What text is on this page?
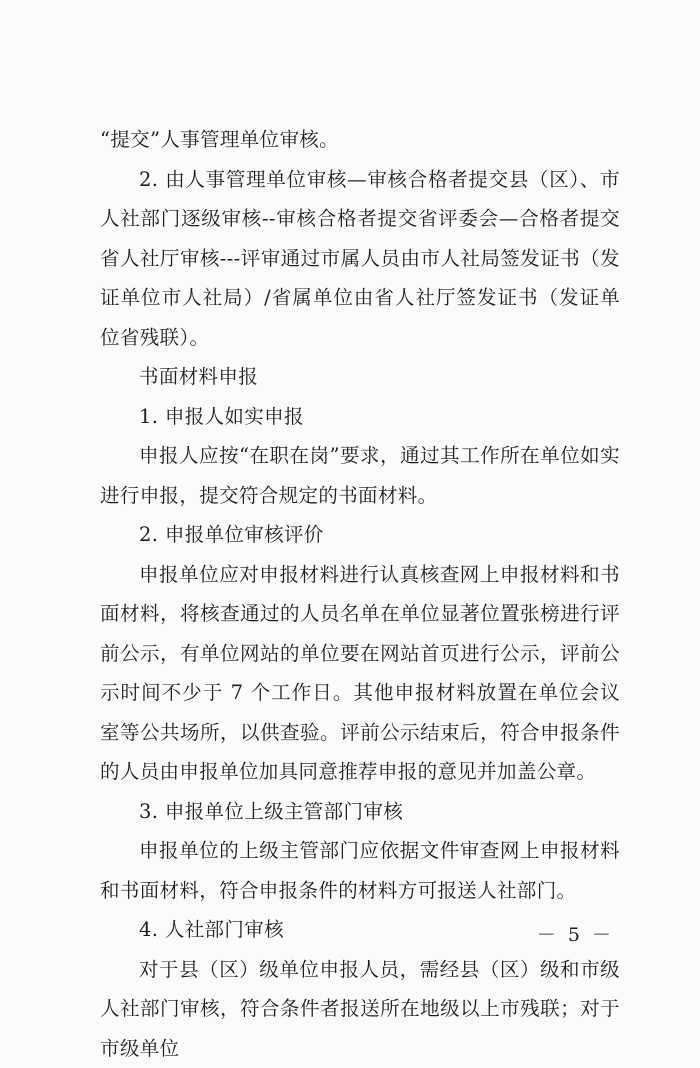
“提交”人事管理单位审核。

2. 由人事管理单位审核—审核合格者提交县（区）、市人社部门逐级审核--审核合格者提交省评委会—合格者提交省人社厅审核---评审通过市属人员由市人社局签发证书（发证单位市人社局）/省属单位由省人社厅签发证书（发证单位省残联）。

书面材料申报

1. 申报人如实申报

申报人应按“在职在岗”要求，通过其工作所在单位如实进行申报，提交符合规定的书面材料。

2. 申报单位审核评价

申报单位应对申报材料进行认真核查网上申报材料和书面材料，将核查通过的人员名单在单位显著位置张榜进行评前公示，有单位网站的单位要在网站首页进行公示，评前公示时间不少于 7 个工作日。其他申报材料放置在单位会议室等公共场所，以供查验。评前公示结束后，符合申报条件的人员由申报单位加具同意推荐申报的意见并加盖公章。

3. 申报单位上级主管部门审核

申报单位的上级主管部门应依据文件审查网上申报材料和书面材料，符合申报条件的材料方可报送人社部门。

4. 人社部门审核

对于县（区）级单位申报人员，需经县（区）级和市级人社部门审核，符合条件者报送所在地级以上市残联；对于市级单位

－ 5 －
